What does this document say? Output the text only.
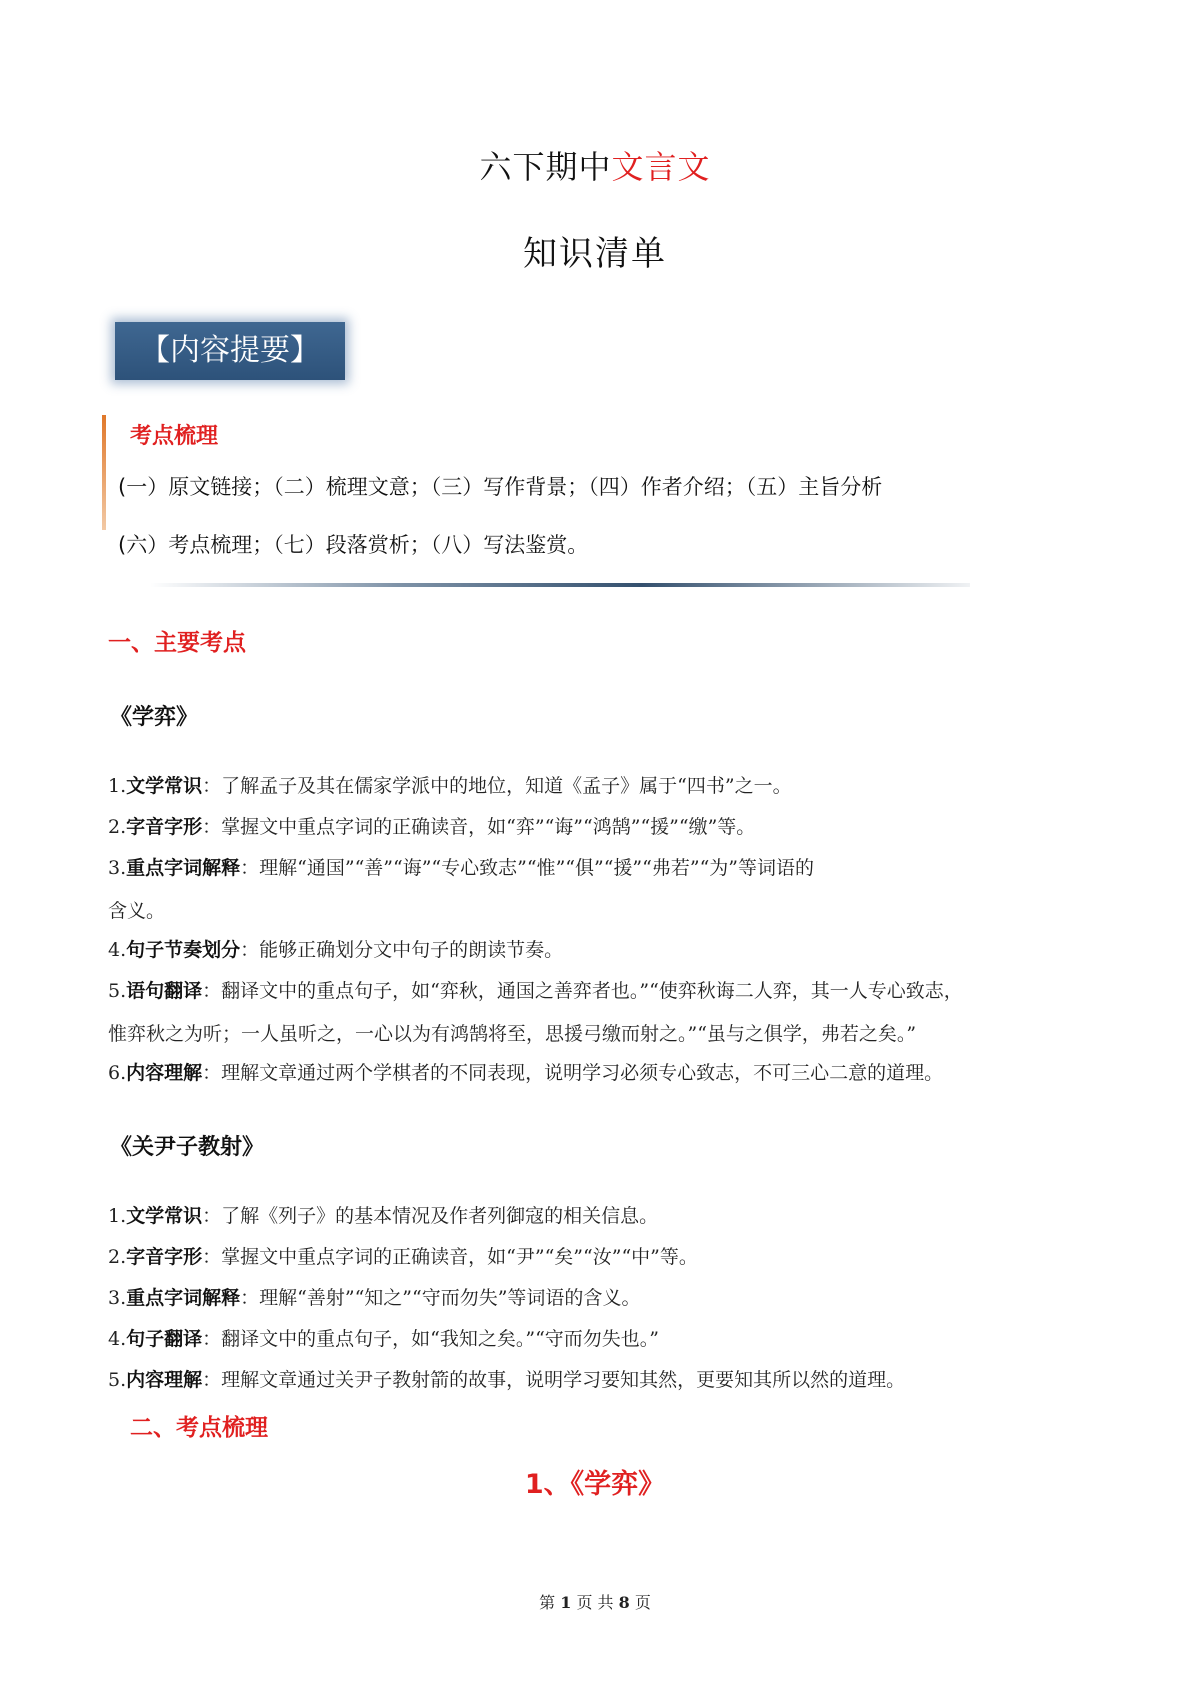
六下期中文言文
知识清单
【内容提要】
考点梳理
(一）原文链接；（二）梳理文意；（三）写作背景；（四）作者介绍；（五）主旨分析
(六）考点梳理；（七）段落赏析；（八）写法鉴赏。
一、主要考点
《学弈》
1.文学常识：了解孟子及其在儒家学派中的地位，知道《孟子》属于“四书”之一。
2.字音字形：掌握文中重点字词的正确读音，如“弈”“诲”“鸿鹄”“援”“缴”等。
3.重点字词解释：理解“通国”“善”“诲”“专心致志”“惟”“俱”“援”“弗若”“为”等词语的
含义。
4.句子节奏划分：能够正确划分文中句子的朗读节奏。
5.语句翻译：翻译文中的重点句子，如“弈秋，通国之善弈者也。”“使弈秋诲二人弈，其一人专心致志，
惟弈秋之为听；一人虽听之，一心以为有鸿鹄将至，思援弓缴而射之。”“虽与之俱学，弗若之矣。”
6.内容理解：理解文章通过两个学棋者的不同表现，说明学习必须专心致志，不可三心二意的道理。
《关尹子教射》
1.文学常识：了解《列子》的基本情况及作者列御寇的相关信息。
2.字音字形：掌握文中重点字词的正确读音，如“尹”“矣”“汝”“中”等。
3.重点字词解释：理解“善射”“知之”“守而勿失”等词语的含义。
4.句子翻译：翻译文中的重点句子，如“我知之矣。”“守而勿失也。”
5.内容理解：理解文章通过关尹子教射箭的故事，说明学习要知其然，更要知其所以然的道理。
二、考点梳理
1、《学弈》
第 1 页 共 8 页
